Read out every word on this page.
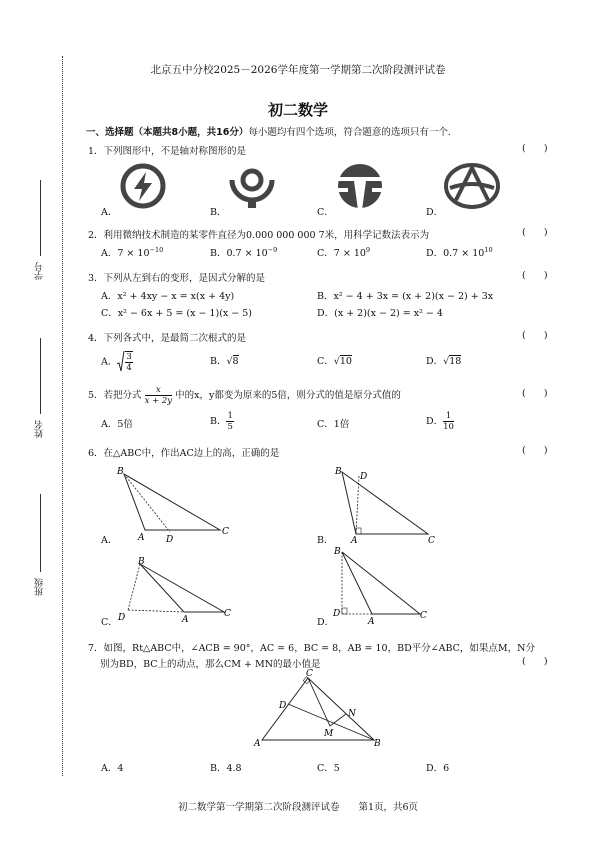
学号
姓名
班级
北京五中分校2025－2026学年度第一学期第二次阶段测评试卷
初二数学
一、选择题（本题共8小题，共16分）每小题均有四个选项，符合题意的选项只有一个.
1．下列图形中，不是轴对称图形的是	(      )
A．	B．	C．	D．
2．利用微纳技术制造的某零件直径为0.000 000 000 7米，用科学记数法表示为	(      )
A．$7 \times 10^{-10}$	B．$0.7 \times 10^{-9}$	C．$7 \times 10^9$	D．$0.7 \times 10^{10}$
3．下列从左到右的变形，是因式分解的是	(      )
A．x² + 4xy − x = x(x + 4y)	B．x² − 4 + 3x = (x + 2)(x − 2) + 3x
C．x² − 6x + 5 = (x − 1)(x − 5)	D．(x + 2)(x − 2) = x² − 4
4．下列各式中，是最简二次根式的是	(      )
A． $\frac{3}{4}$	B．√8	C．√10	D．√18
5．若把分式 $\frac{x}{x + 2y}$ 中的x，y都变为原来的5倍，则分式的值是原分式值的	(      )
A．5倍	B． $\frac{1}{5}$	C．1倍	D． $\frac{1}{10}$
6．在△ABC中，作出AC边上的高，正确的是	(      )
B
A D
C
B D
A	C
B
D	A
C
B
D
A
C
A．	B．
C．	D．
7．如图，Rt△ABC中，∠ACB = 90°，AC = 6，BC = 8，AB = 10，BD平分∠ABC，如果点M，N分
别为BD，BC上的动点，那么CM + MN的最小值是	(      )
C
D
N
M
A	B
A．4	B．4.8	C．5	D．6
初二数学第一学期第二次阶段测评试卷　　第1页，共6页
